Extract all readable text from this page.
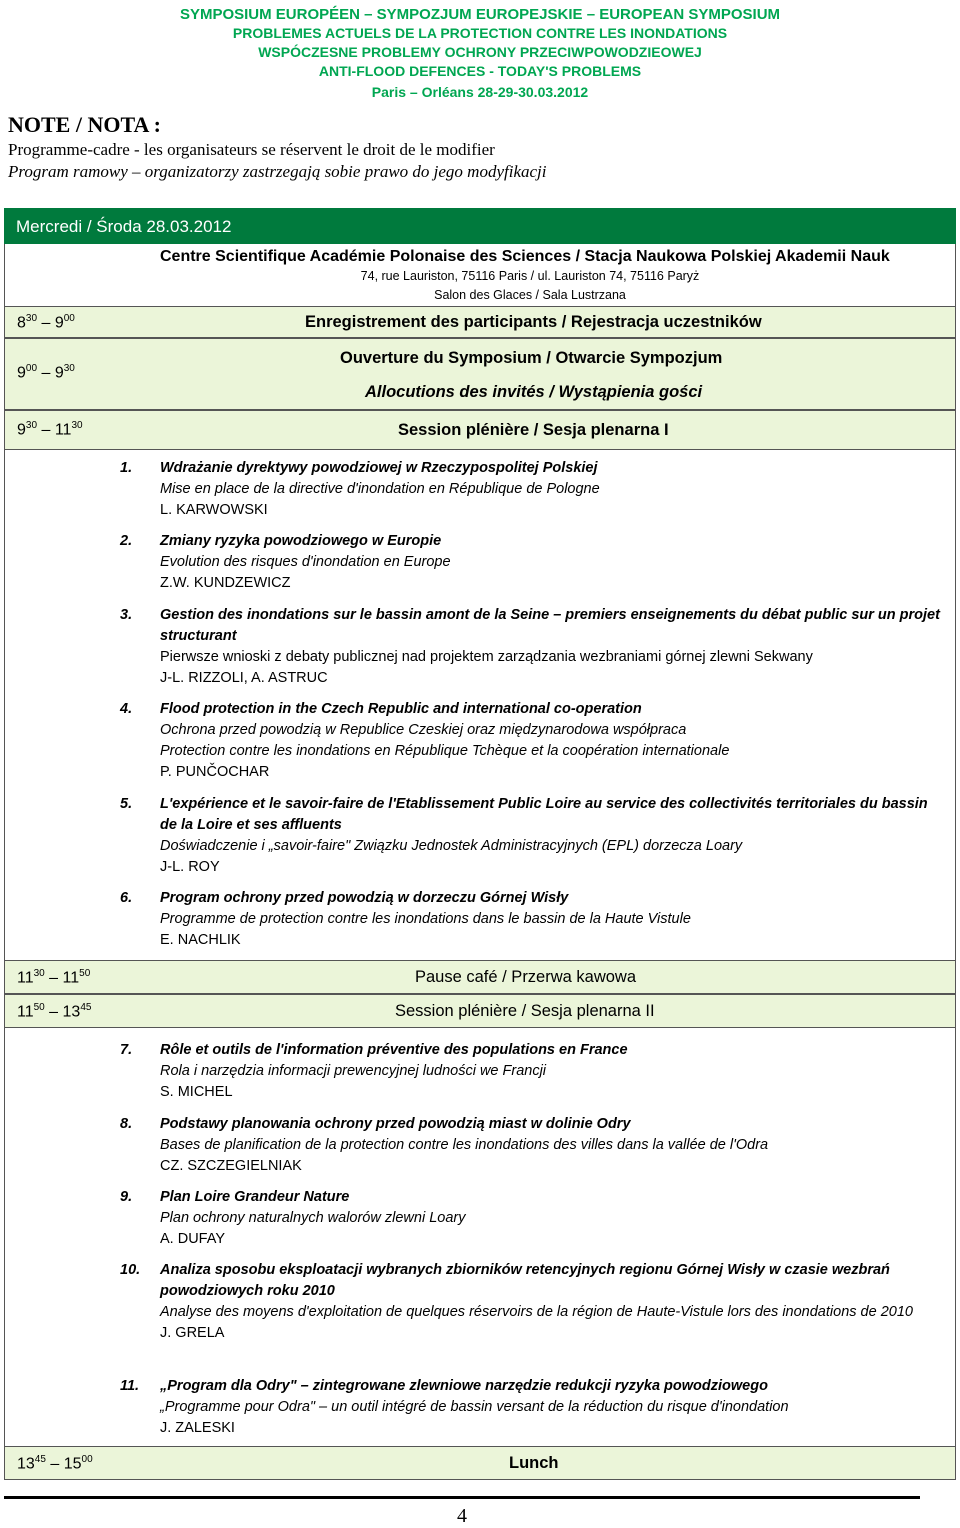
SYMPOSIUM EUROPÉEN – SYMPOZJUM EUROPEJSKIE – EUROPEAN SYMPOSIUM
PROBLEMES ACTUELS DE LA PROTECTION CONTRE LES INONDATIONS
WSPÓCZESNE PROBLEMY OCHRONY PRZECIWPOWODZIEOWEJ
ANTI-FLOOD DEFENCES - TODAY'S PROBLEMS
Paris – Orléans 28-29-30.03.2012
NOTE / NOTA :
Programme-cadre - les organisateurs se réservent le droit de le modifier
Program ramowy – organizatorzy zastrzegają sobie prawo do jego modyfikacji
Mercredi / Środa 28.03.2012
Centre Scientifique Académie Polonaise des Sciences / Stacja Naukowa Polskiej Akademii Nauk
74, rue Lauriston, 75116 Paris / ul. Lauriston 74, 75116 Paryż
Salon des Glaces / Sala Lustrzana
$8^{30} - 9^{00}$	Enregistrement des participants / Rejestracja uczestników
$9^{00} - 9^{30}$
Ouverture du Symposium / Otwarcie Sympozjum
Allocutions des invités / Wystąpienia gości
$9^{30} - 11^{30}$	Session plénière / Sesja plenarna I
1. Wdrażanie dyrektywy powodziowej w Rzeczypospolitej Polskiej
Mise en place de la directive d'inondation en République de Pologne
L. KARWOWSKI
2. Zmiany ryzyka powodziowego w Europie
Evolution des risques d'inondation en Europe
Z.W. KUNDZEWICZ
3. Gestion des inondations sur le bassin amont de la Seine – premiers enseignements du débat public sur un projet structurant
Pierwsze wnioski z debaty publicznej nad projektem zarządzania wezbraniami górnej zlewni Sekwany
J-L. RIZZOLI, A. ASTRUC
4. Flood protection in the Czech Republic and international co-operation
Ochrona przed powodzią w Republice Czeskiej oraz międzynarodowa współpraca
Protection contre les inondations en République Tchèque et la coopération internationale
P. PUNČOCHAR
5. L'expérience et le savoir-faire de l'Etablissement Public Loire au service des collectivités territoriales du bassin de la Loire et ses affluents
Doświadczenie i „savoir-faire" Związku Jednostek Administracyjnych (EPL) dorzecza Loary
J-L. ROY
6. Program ochrony przed powodzią w dorzeczu Górnej Wisły
Programme de protection contre les inondations dans le bassin de la Haute Vistule
E. NACHLIK
$11^{30} - 11^{50}$	Pause café / Przerwa kawowa
$11^{50} - 13^{45}$	Session plénière / Sesja plenarna II
7. Rôle et outils de l'information préventive des populations en France
Rola i narzędzia informacji prewencyjnej ludności we Francji
S. MICHEL
8. Podstawy planowania ochrony przed powodzią miast w dolinie Odry
Bases de planification de la protection contre les inondations des villes dans la vallée de l'Odra
CZ. SZCZEGIELNIAK
9. Plan Loire Grandeur Nature
Plan ochrony naturalnych walorów zlewni Loary
A. DUFAY
10. Analiza sposobu eksploatacji wybranych zbiorników retencyjnych regionu Górnej Wisły w czasie wezbrań powodziowych roku 2010
Analyse des moyens d'exploitation de quelques réservoirs de la région de Haute-Vistule lors des inondations de 2010
J. GRELA
11. „Program dla Odry" – zintegrowane zlewniowe narzędzie redukcji ryzyka powodziowego
„Programme pour Odra" – un outil intégré de bassin versant de la réduction du risque d'inondation
J. ZALESKI
$13^{45} - 15^{00}$	Lunch
4
